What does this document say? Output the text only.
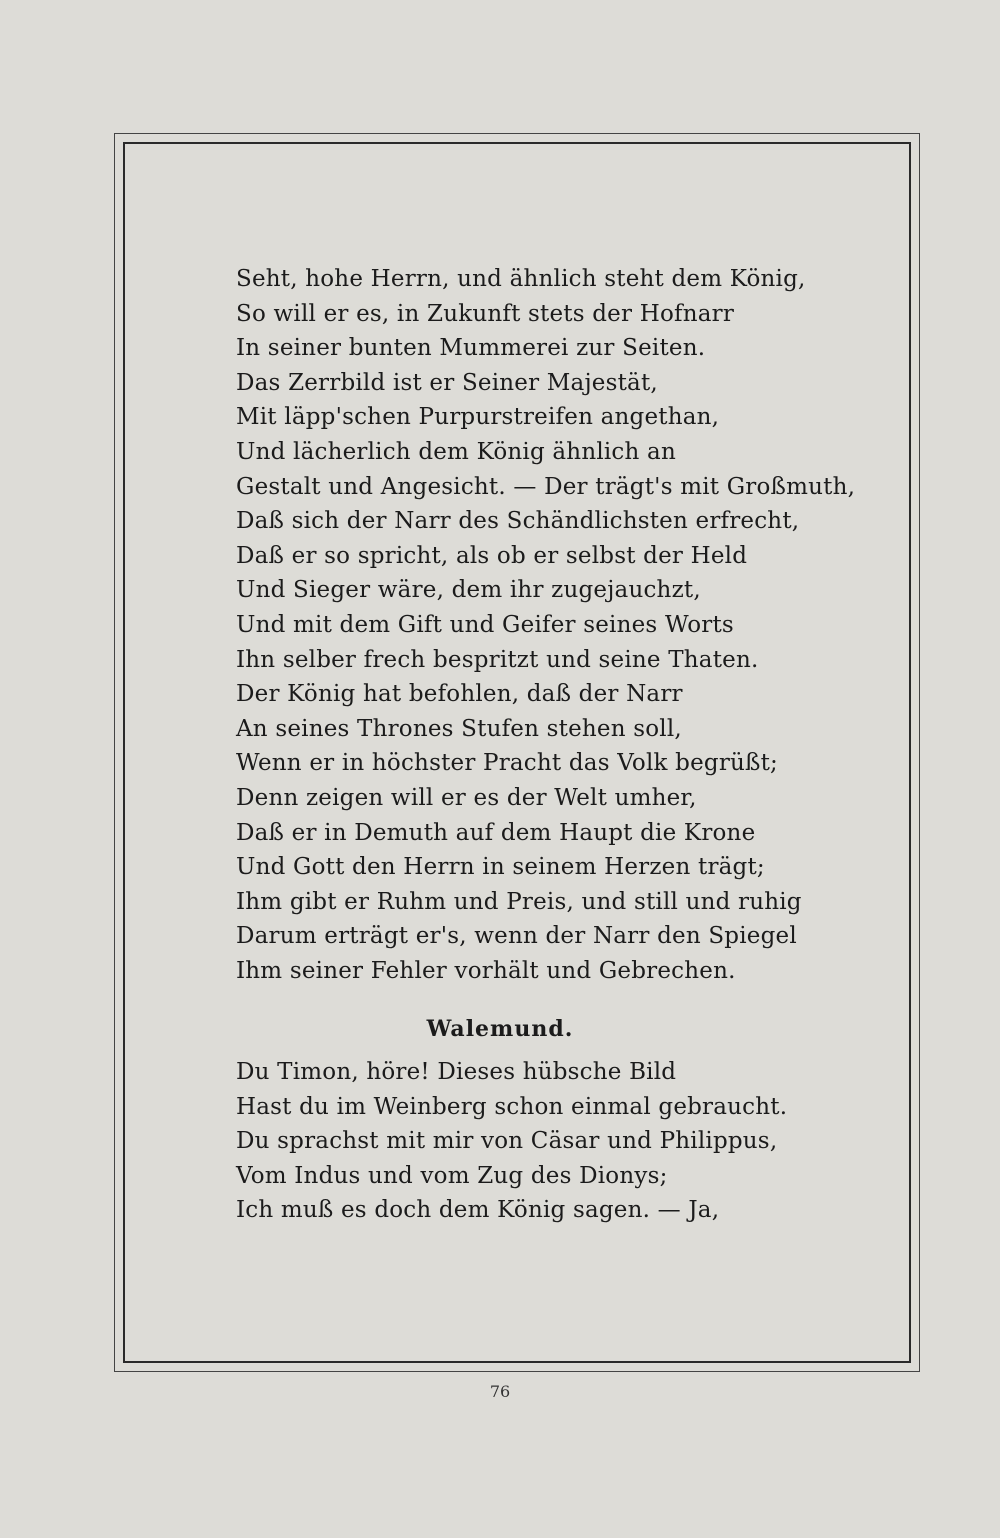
Seht, hohe Herrn, und ähnlich steht dem König,
So will er es, in Zukunft stets der Hofnarr
In seiner bunten Mummerei zur Seiten.
Das Zerrbild ist er Seiner Majestät,
Mit läpp'schen Purpurstreifen angethan,
Und lächerlich dem König ähnlich an
Gestalt und Angesicht. — Der trägt's mit Großmuth,
Daß sich der Narr des Schändlichsten erfrecht,
Daß er so spricht, als ob er selbst der Held
Und Sieger wäre, dem ihr zugejauchzt,
Und mit dem Gift und Geifer seines Worts
Ihn selber frech bespritzt und seine Thaten.
Der König hat befohlen, daß der Narr
An seines Thrones Stufen stehen soll,
Wenn er in höchster Pracht das Volk begrüßt;
Denn zeigen will er es der Welt umher,
Daß er in Demuth auf dem Haupt die Krone
Und Gott den Herrn in seinem Herzen trägt;
Ihm gibt er Ruhm und Preis, und still und ruhig
Darum erträgt er's, wenn der Narr den Spiegel
Ihm seiner Fehler vorhält und Gebrechen.
Walemund.
Du Timon, höre! Dieses hübsche Bild
Hast du im Weinberg schon einmal gebraucht.
Du sprachst mit mir von Cäsar und Philippus,
Vom Indus und vom Zug des Dionys;
Ich muß es doch dem König sagen. — Ja,
76
